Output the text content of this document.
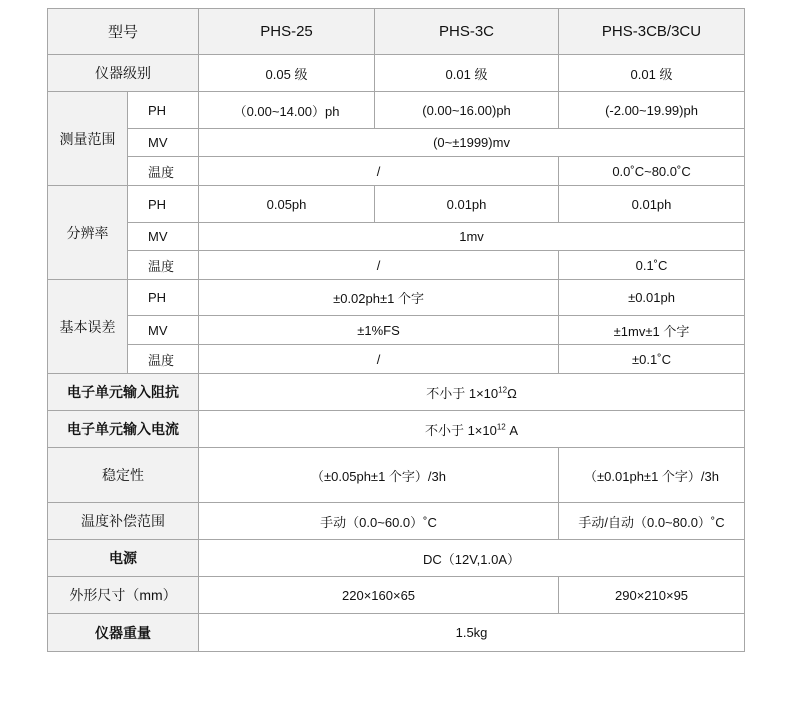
型号		PHS-25	PHS-3C	PHS-3CB/3CU
仪器级别		0.05 级	0.01 级	0.01 级
测量范围	PH	（0.00~14.00）ph	(0.00~16.00)ph	(-2.00~19.99)ph
	MV	(0~±1999)mv		
	温度	/		0.0˚C~80.0˚C
分辨率	PH	0.05ph	0.01ph	0.01ph
	MV	1mv		
	温度	/		0.1˚C
基本误差	PH	±0.02ph±1 个字		±0.01ph
	MV	±1%FS		±1mv±1 个字
	温度	/		±0.1˚C
电子单元输入阻抗		不小于 $1\times 10^{12}\Omega$		
电子单元输入电流		不小于 $1\times 10^{12}$ A		
稳定性		（±0.05ph±1 个字）/3h		（±0.01ph±1 个字）/3h
温度补偿范围		手动（0.0~60.0）˚C		手动/自动（0.0~80.0）˚C
电源		DC（12V,1.0A）		
外形尺寸（mm）		220×160×65		290×210×95
仪器重量		1.5kg		
